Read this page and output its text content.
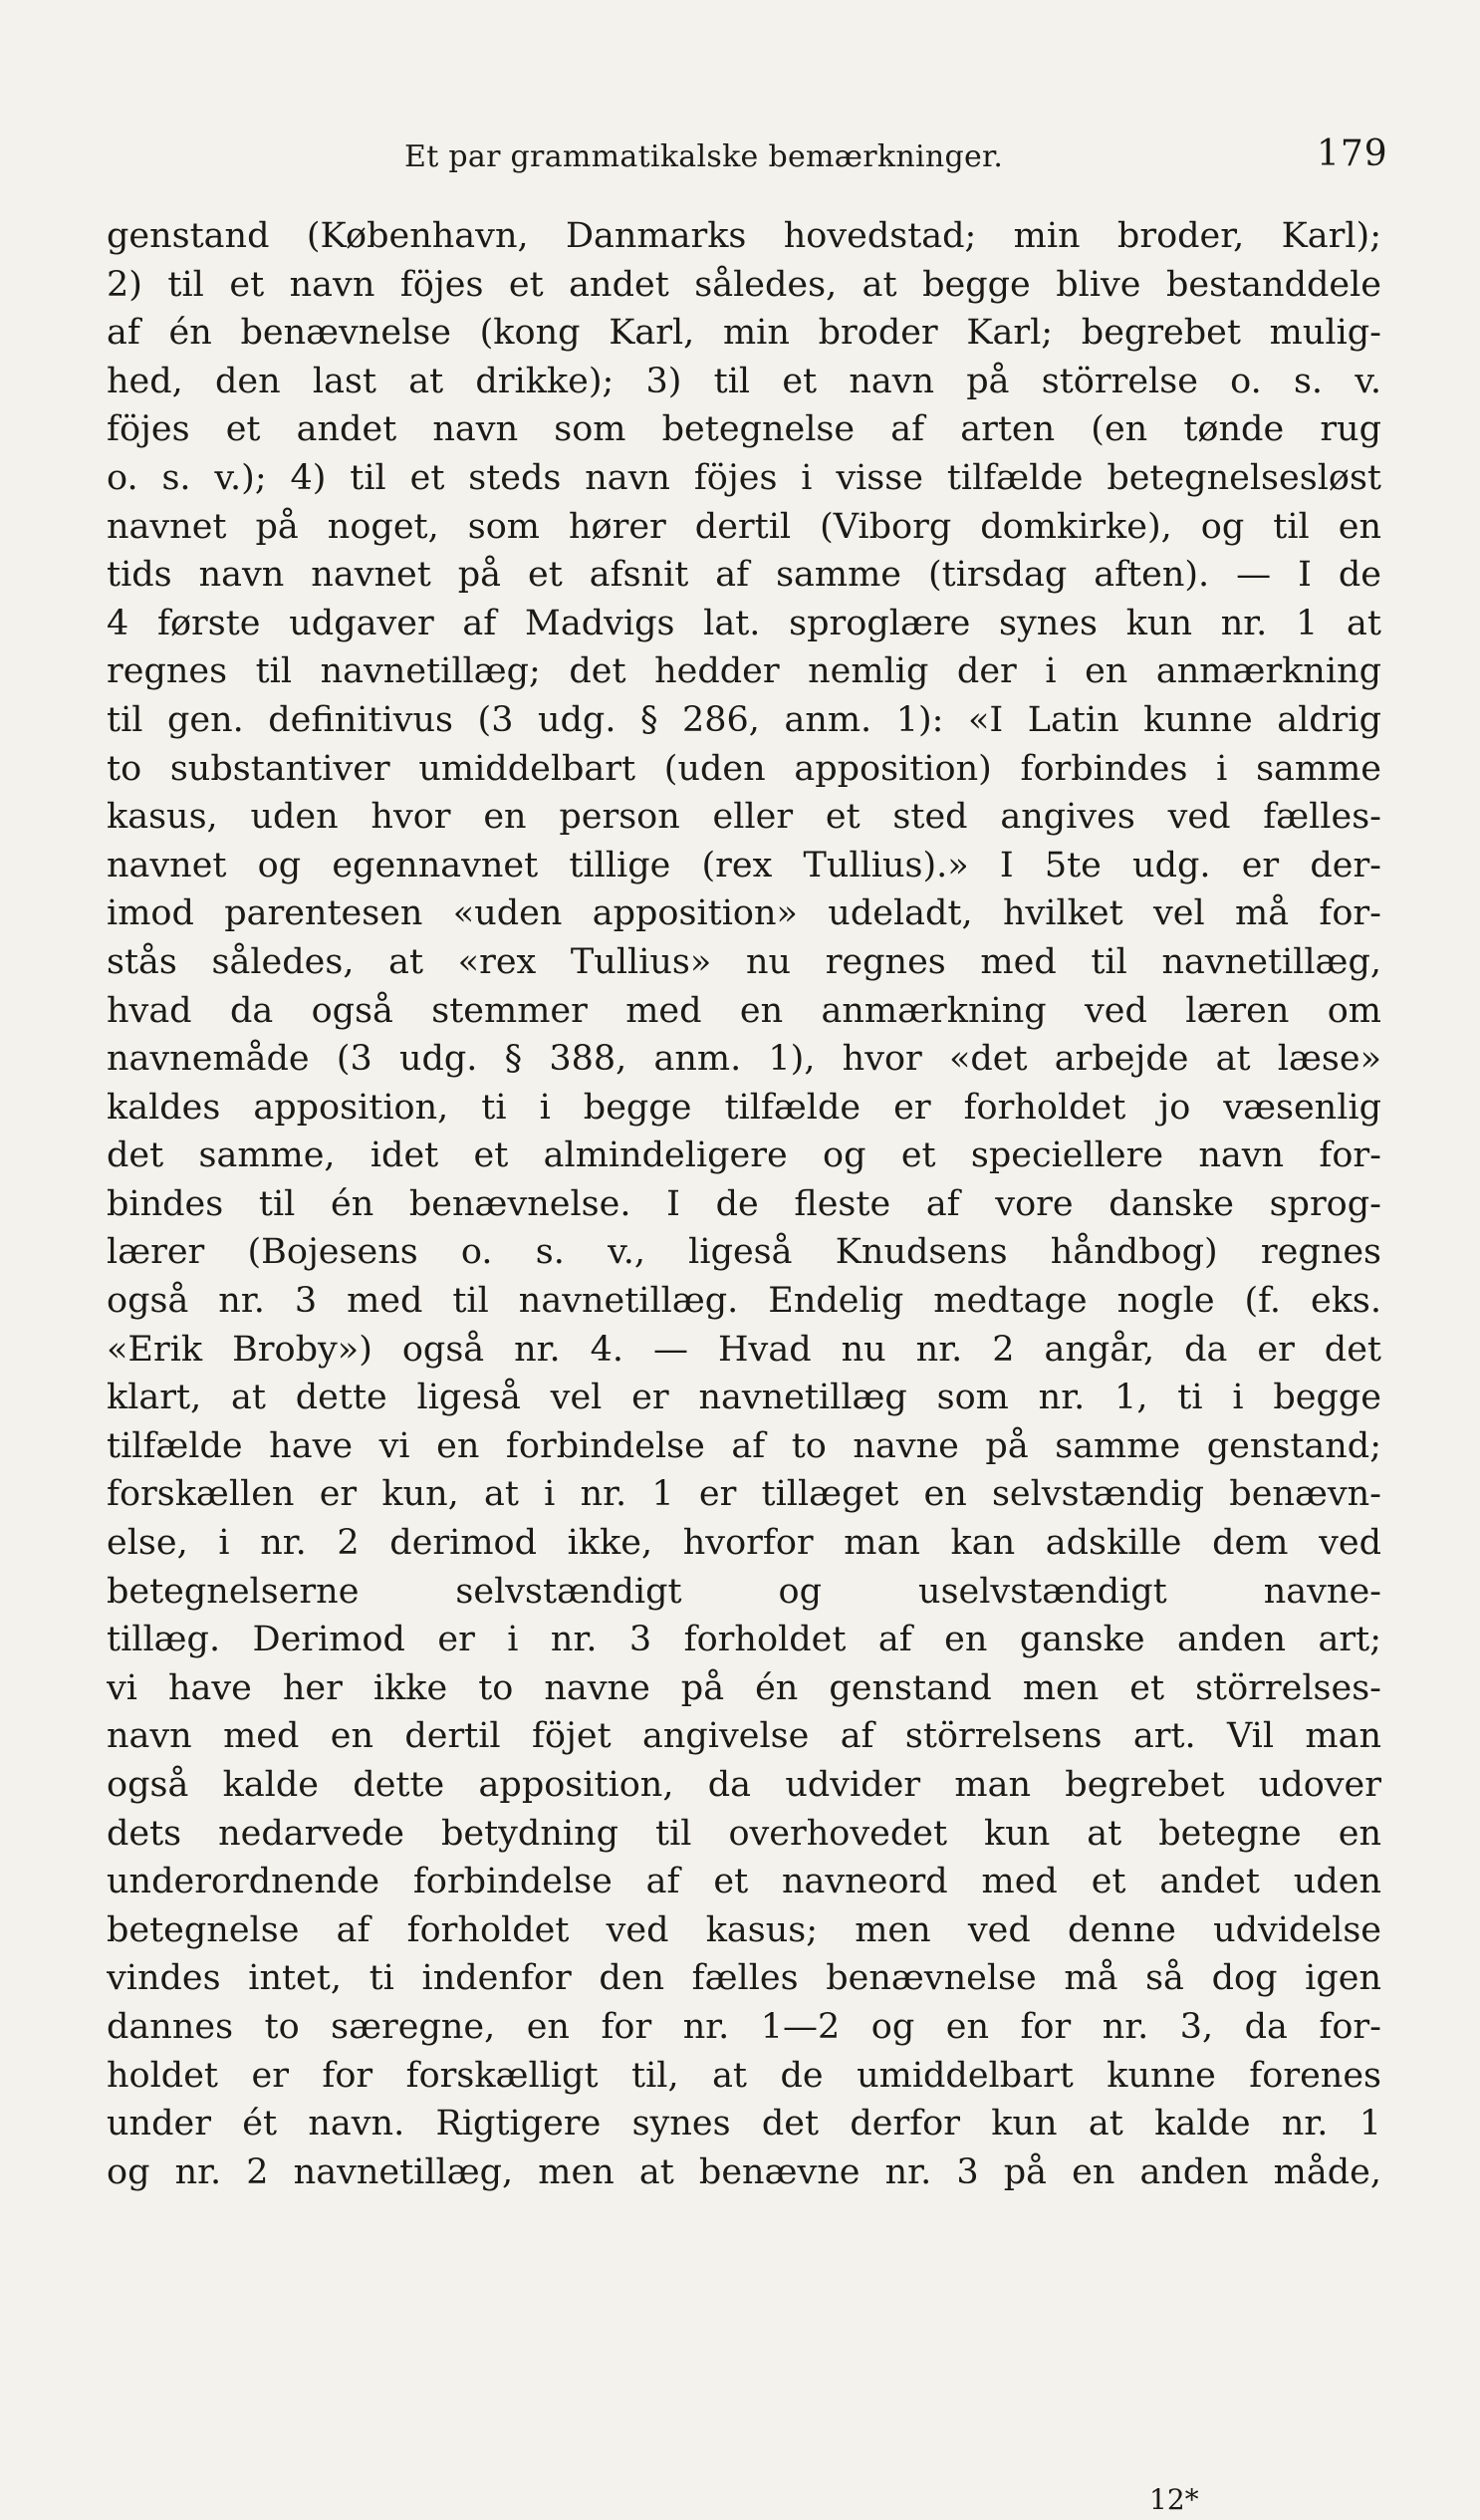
Et par grammatikalske bemærkninger.	179
genstand (København, Danmarks hovedstad; min broder, Karl);
2) til et navn föjes et andet således, at begge blive bestanddele
af én benævnelse (kong Karl, min broder Karl; begrebet mulig-
hed, den last at drikke); 3) til et navn på störrelse o. s. v.
föjes et andet navn som betegnelse af arten (en tønde rug
o. s. v.); 4) til et steds navn föjes i visse tilfælde betegnelsesløst
navnet på noget, som hører dertil (Viborg domkirke), og til en
tids navn navnet på et afsnit af samme (tirsdag aften). — I de
4 første udgaver af Madvigs lat. sproglære synes kun nr. 1 at
regnes til navnetillæg; det hedder nemlig der i en anmærkning
til gen. definitivus (3 udg. § 286, anm. 1): «I Latin kunne aldrig
to substantiver umiddelbart (uden apposition) forbindes i samme
kasus, uden hvor en person eller et sted angives ved fælles-
navnet og egennavnet tillige (rex Tullius).» I 5te udg. er der-
imod parentesen «uden apposition» udeladt, hvilket vel må for-
stås således, at «rex Tullius» nu regnes med til navnetillæg,
hvad da også stemmer med en anmærkning ved læren om
navnemåde (3 udg. § 388, anm. 1), hvor «det arbejde at læse»
kaldes apposition, ti i begge tilfælde er forholdet jo væsenlig
det samme, idet et almindeligere og et speciellere navn for-
bindes til én benævnelse. I de fleste af vore danske sprog-
lærer (Bojesens o. s. v., ligeså Knudsens håndbog) regnes
også nr. 3 med til navnetillæg. Endelig medtage nogle (f. eks.
«Erik Broby») også nr. 4. — Hvad nu nr. 2 angår, da er det
klart, at dette ligeså vel er navnetillæg som nr. 1, ti i begge
tilfælde have vi en forbindelse af to navne på samme genstand;
forskællen er kun, at i nr. 1 er tillæget en selvstændig benævn-
else, i nr. 2 derimod ikke, hvorfor man kan adskille dem ved
betegnelserne selvstændigt og uselvstændigt navne-
tillæg. Derimod er i nr. 3 forholdet af en ganske anden art;
vi have her ikke to navne på én genstand men et störrelses-
navn med en dertil föjet angivelse af störrelsens art. Vil man
også kalde dette apposition, da udvider man begrebet udover
dets nedarvede betydning til overhovedet kun at betegne en
underordnende forbindelse af et navneord med et andet uden
betegnelse af forholdet ved kasus; men ved denne udvidelse
vindes intet, ti indenfor den fælles benævnelse må så dog igen
dannes to særegne, en for nr. 1—2 og en for nr. 3, da for-
holdet er for forskælligt til, at de umiddelbart kunne forenes
under ét navn. Rigtigere synes det derfor kun at kalde nr. 1
og nr. 2 navnetillæg, men at benævne nr. 3 på en anden måde,
12*
